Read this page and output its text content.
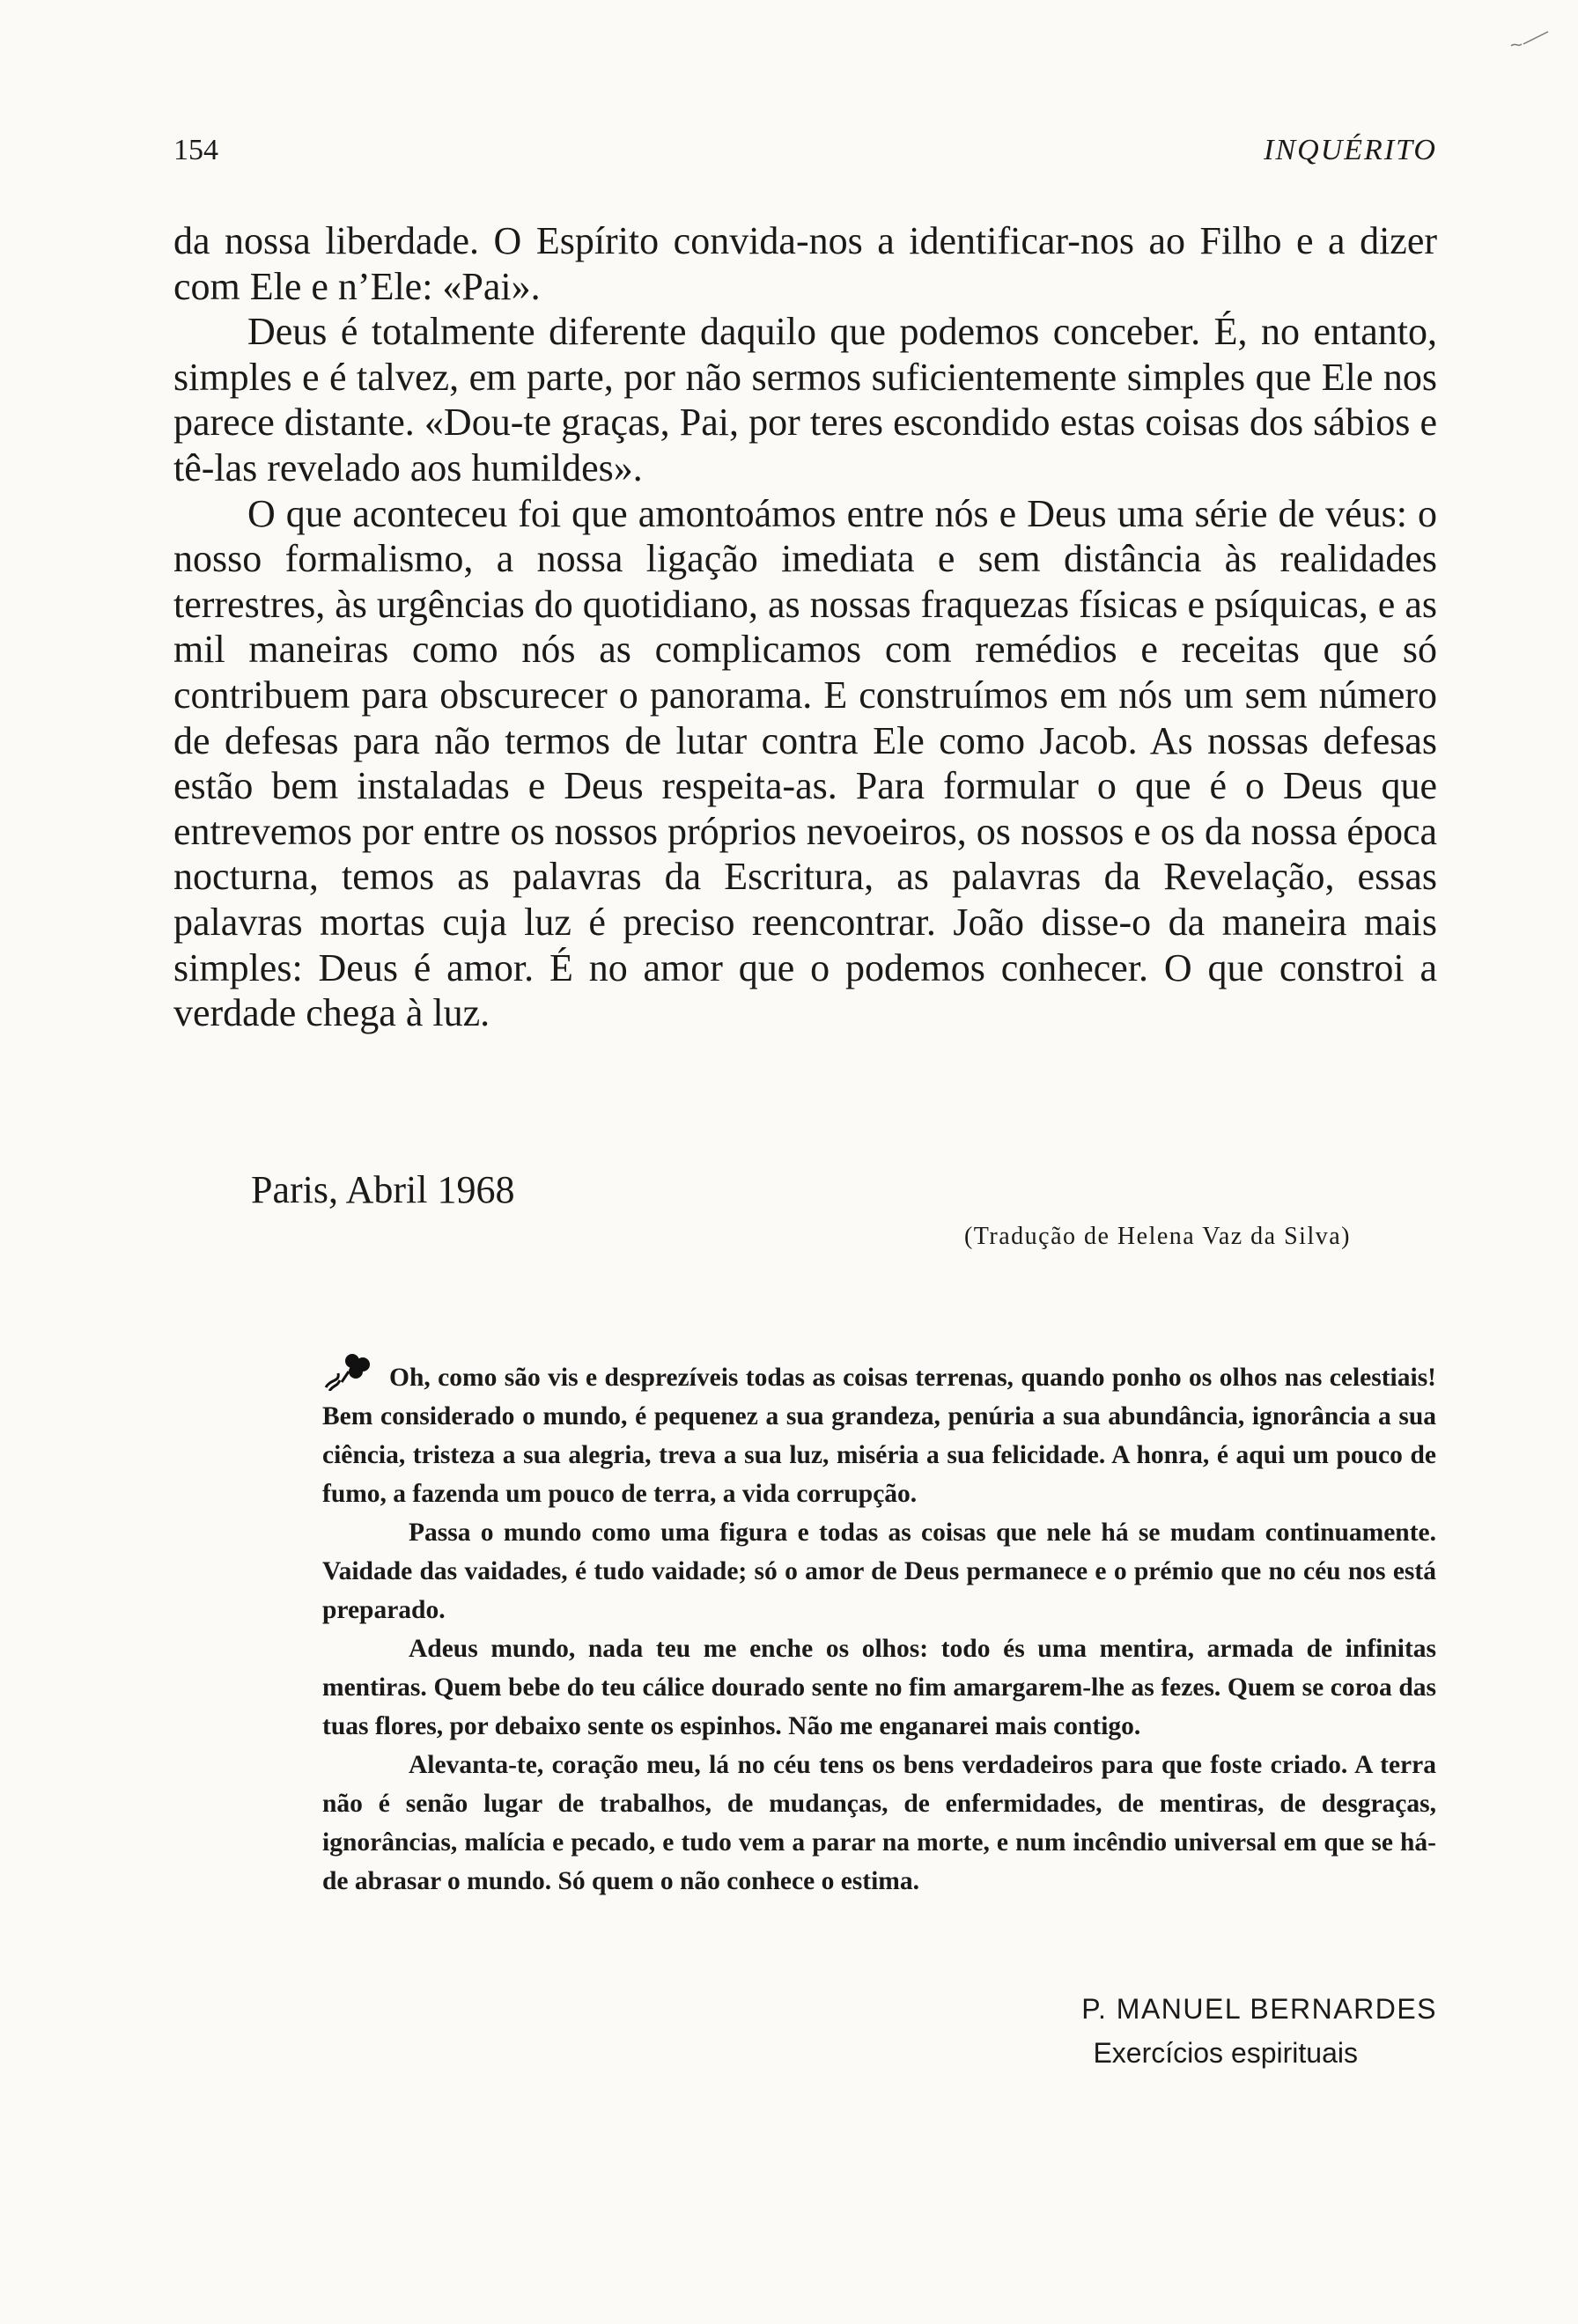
154	INQUÉRITO

da nossa liberdade. O Espírito convida-nos a identificar-nos ao Filho e a dizer com Ele e n’Ele: «Pai».

Deus é totalmente diferente daquilo que podemos conceber. É, no entanto, simples e é talvez, em parte, por não sermos suficientemente simples que Ele nos parece distante. «Dou-te graças, Pai, por teres escondido estas coisas dos sábios e tê-las revelado aos humildes».

O que aconteceu foi que amontoámos entre nós e Deus uma série de véus: o nosso formalismo, a nossa ligação imediata e sem distância às realidades terrestres, às urgências do quotidiano, as nossas fraquezas físicas e psíquicas, e as mil maneiras como nós as complicamos com remédios e receitas que só contribuem para obscurecer o panorama. E construímos em nós um sem número de defesas para não termos de lutar contra Ele como Jacob. As nossas defesas estão bem instaladas e Deus respeita-as. Para formular o que é o Deus que entrevemos por entre os nossos próprios nevoeiros, os nossos e os da nossa época nocturna, temos as palavras da Escritura, as palavras da Revelação, essas palavras mortas cuja luz é preciso reencontrar. João disse-o da maneira mais simples: Deus é amor. É no amor que o podemos conhecer. O que constroi a verdade chega à luz.

Paris, Abril 1968
(Tradução de Helena Vaz da Silva)

Oh, como são vis e desprezíveis todas as coisas terrenas, quando ponho os olhos nas celestiais! Bem considerado o mundo, é pequenez a sua grandeza, penúria a sua abundância, ignorância a sua ciência, tristeza a sua alegria, treva a sua luz, miséria a sua felicidade. A honra, é aqui um pouco de fumo, a fazenda um pouco de terra, a vida corrupção.

Passa o mundo como uma figura e todas as coisas que nele há se mudam continuamente. Vaidade das vaidades, é tudo vaidade; só o amor de Deus permanece e o prémio que no céu nos está preparado.

Adeus mundo, nada teu me enche os olhos: todo és uma mentira, armada de infinitas mentiras. Quem bebe do teu cálice dourado sente no fim amargarem-lhe as fezes. Quem se coroa das tuas flores, por debaixo sente os espinhos. Não me enganarei mais contigo.

Alevanta-te, coração meu, lá no céu tens os bens verdadeiros para que foste criado. A terra não é senão lugar de trabalhos, de mudanças, de enfermidades, de mentiras, de desgraças, ignorâncias, malícia e pecado, e tudo vem a parar na morte, e num incêndio universal em que se há-de abrasar o mundo. Só quem o não conhece o estima.

P. MANUEL BERNARDES
Exercícios espirituais
